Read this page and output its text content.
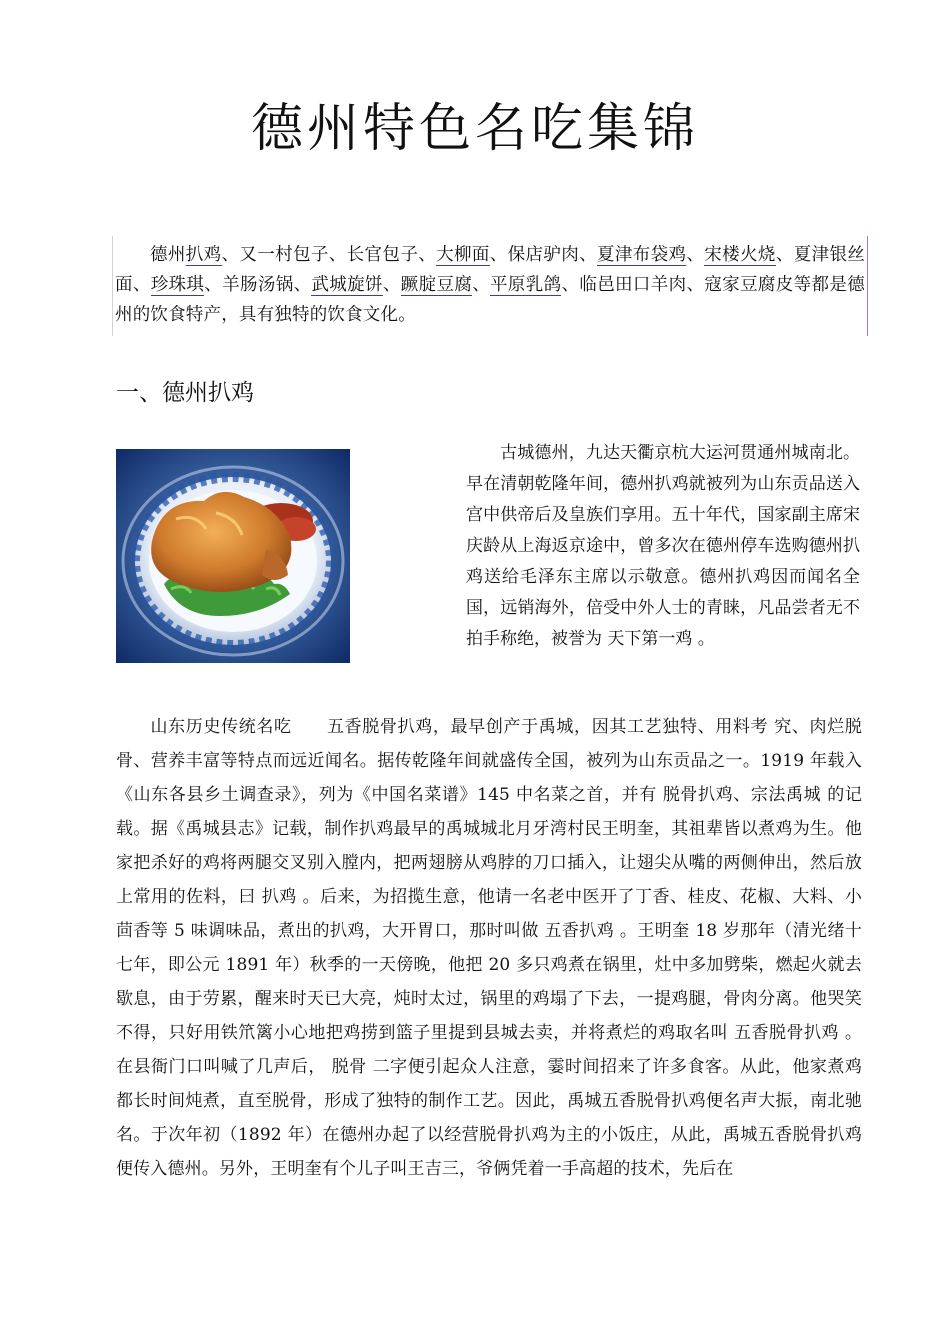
德州特色名吃集锦

德州扒鸡、又一村包子、长官包子、大柳面、保店驴肉、夏津布袋鸡、宋楼火烧、夏津银丝面、珍珠琪、羊肠汤锅、武城旋饼、蹶腚豆腐、平原乳鸽、临邑田口羊肉、寇家豆腐皮等都是德州的饮食特产，具有独特的饮食文化。

一、德州扒鸡

古城德州，九达天衢京杭大运河贯通州城南北。早在清朝乾隆年间，德州扒鸡就被列为山东贡品送入宫中供帝后及皇族们享用。五十年代，国家副主席宋庆龄从上海返京途中，曾多次在德州停车选购德州扒鸡送给毛泽东主席以示敬意。德州扒鸡因而闻名全国，远销海外，倍受中外人士的青睐，凡品尝者无不拍手称绝，被誉为 天下第一鸡 。

山东历史传统名吃　　五香脱骨扒鸡，最早创产于禹城，因其工艺独特、用料考 究、肉烂脱骨、营养丰富等特点而远近闻名。据传乾隆年间就盛传全国，被列为山东贡品之一。1919 年载入《山东各县乡土调查录》，列为《中国名菜谱》145 中名菜之首，并有 脱骨扒鸡、宗法禹城 的记载。据《禹城县志》记载，制作扒鸡最早的禹城城北月牙湾村民王明奎，其祖辈皆以煮鸡为生。他家把杀好的鸡将两腿交叉别入膛内，把两翅膀从鸡脖的刀口插入，让翅尖从嘴的两侧伸出，然后放上常用的佐料，曰 扒鸡 。后来，为招揽生意，他请一名老中医开了丁香、桂皮、花椒、大料、小茴香等 5 味调味品，煮出的扒鸡，大开胃口，那时叫做 五香扒鸡 。王明奎 18 岁那年（清光绪十七年，即公元 1891 年）秋季的一天傍晚，他把 20 多只鸡煮在锅里，灶中多加劈柴，燃起火就去歇息，由于劳累，醒来时天已大亮，炖时太过，锅里的鸡塌了下去，一提鸡腿，骨肉分离。他哭笑不得，只好用铁笊篱小心地把鸡捞到篮子里提到县城去卖，并将煮烂的鸡取名叫 五香脱骨扒鸡 。在县衙门口叫喊了几声后， 脱骨 二字便引起众人注意，霎时间招来了许多食客。从此，他家煮鸡都长时间炖煮，直至脱骨，形成了独特的制作工艺。因此，禹城五香脱骨扒鸡便名声大振，南北驰名。于次年初（1892 年）在德州办起了以经营脱骨扒鸡为主的小饭庄，从此，禹城五香脱骨扒鸡便传入德州。另外，王明奎有个儿子叫王吉三，爷俩凭着一手高超的技术，先后在
